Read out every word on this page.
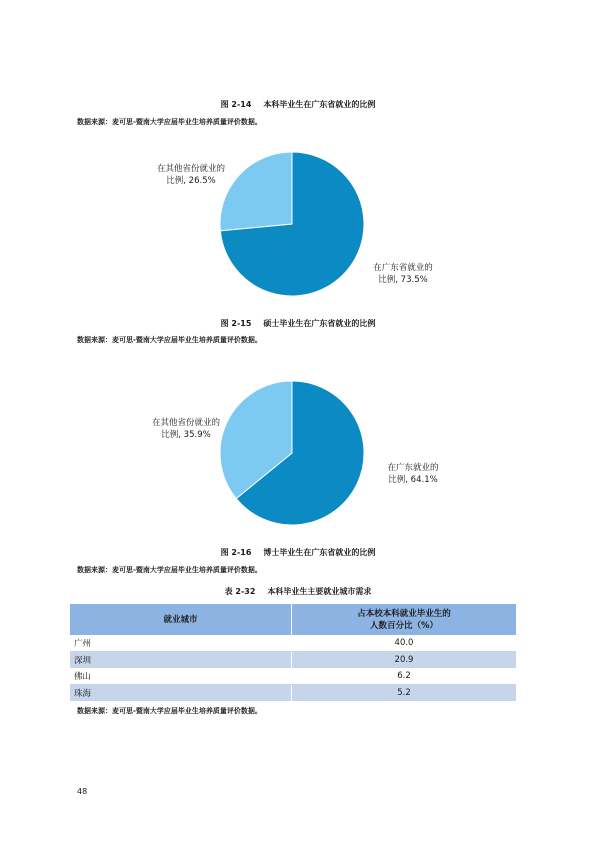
图 2-14 本科毕业生在广东省就业的比例
数据来源：麦可思-暨南大学应届毕业生培养质量评价数据。
在其他省份就业的
比例, 26.5%
在广东省就业的
比例, 73.5%
图 2-15 硕士毕业生在广东省就业的比例
数据来源：麦可思-暨南大学应届毕业生培养质量评价数据。
在其他省份就业的
比例, 35.9%
在广东就业的
比例, 64.1%
图 2-16 博士毕业生在广东省就业的比例
数据来源：麦可思-暨南大学应届毕业生培养质量评价数据。
表 2-32 本科毕业生主要就业城市需求
就业城市	占本校本科就业毕业生的
人数百分比（%）

广州	40.0
深圳	20.9
佛山	6.2
珠海	5.2
数据来源：麦可思-暨南大学应届毕业生培养质量评价数据。
48
